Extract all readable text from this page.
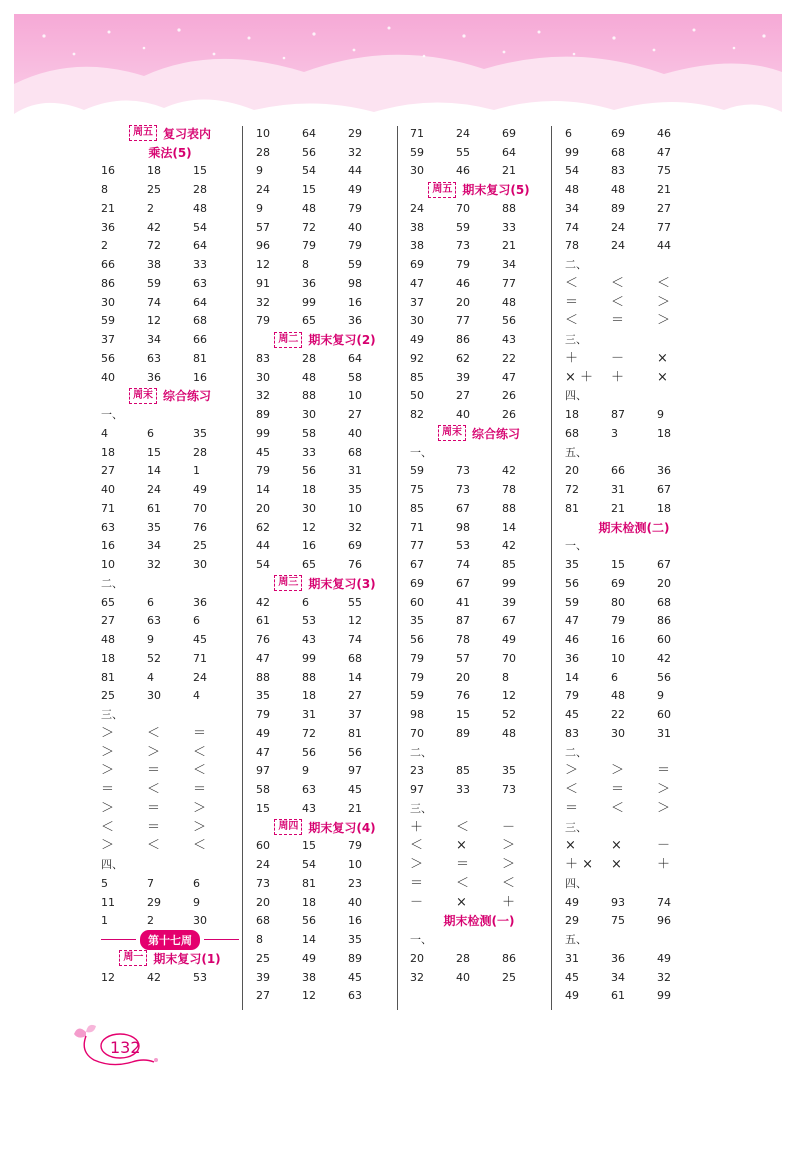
周五 复习表内
乘法(5)
16	18	15
8	25	28
21	2	48
36	42	54
2	72	64
66	38	33
86	59	63
30	74	64
59	12	68
37	34	66
56	63	81
40	36	16
周末 综合练习
一、
4	6	35
18	15	28
27	14	1
40	24	49
71	61	70
63	35	76
16	34	25
10	32	30
二、
65	6	36
27	63	6
48	9	45
18	52	71
81	4	24
25	30	4
三、
＞	＜	＝
＞	＞	＜
＞	＝	＜
＝	＜	＝
＞	＝	＞
＜	＝	＞
＞	＜	＜
四、
5	7	6
11	29	9
1	2	30
第十七周
周一 期末复习(1)
12	42	53
10	64	29
28	56	32
9	54	44
24	15	49
9	48	79
57	72	40
96	79	79
12	8	59
91	36	98
32	99	16
79	65	36
周二 期末复习(2)
83	28	64
30	48	58
32	88	10
89	30	27
99	58	40
45	33	68
79	56	31
14	18	35
20	30	10
62	12	32
44	16	69
54	65	76
周三 期末复习(3)
42	6	55
61	53	12
76	43	74
47	99	68
88	88	14
35	18	27
79	31	37
49	72	81
47	56	56
97	9	97
58	63	45
15	43	21
周四 期末复习(4)
60	15	79
24	54	10
73	81	23
20	18	40
68	56	16
8	14	35
25	49	89
39	38	45
27	12	63
71	24	69
59	55	64
30	46	21
周五 期末复习(5)
24	70	88
38	59	33
38	73	21
69	79	34
47	46	77
37	20	48
30	77	56
49	86	43
92	62	22
85	39	47
50	27	26
82	40	26
周末 综合练习
一、
59	73	42
75	73	78
85	67	88
71	98	14
77	53	42
67	74	85
69	67	99
60	41	39
35	87	67
56	78	49
79	57	70
79	20	8
59	76	12
98	15	52
70	89	48
二、
23	85	35
97	33	73
三、
＋	＜	－
＜	×	＞
＞	＝	＞
＝	＜	＜
－	×	＋
期末检测(一)
一、
20	28	86
32	40	25
6	69	46
99	68	47
54	83	75
48	48	21
34	89	27
74	24	77
78	24	44
二、
＜	＜	＜
＝	＜	＞
＜	＝	＞
三、
＋	－	×
× ＋	＋	×
四、
18	87	9
68	3	18
五、
20	66	36
72	31	67
81	21	18
期末检测(二)
一、
35	15	67
56	69	20
59	80	68
47	79	86
46	16	60
36	10	42
14	6	56
79	48	9
45	22	60
83	30	31
二、
＞	＞	＝
＜	＝	＞
＝	＜	＞
三、
×	×	－
＋ ×	×	＋
四、
49	93	74
29	75	96
五、
31	36	49
45	34	32
49	61	99
132
